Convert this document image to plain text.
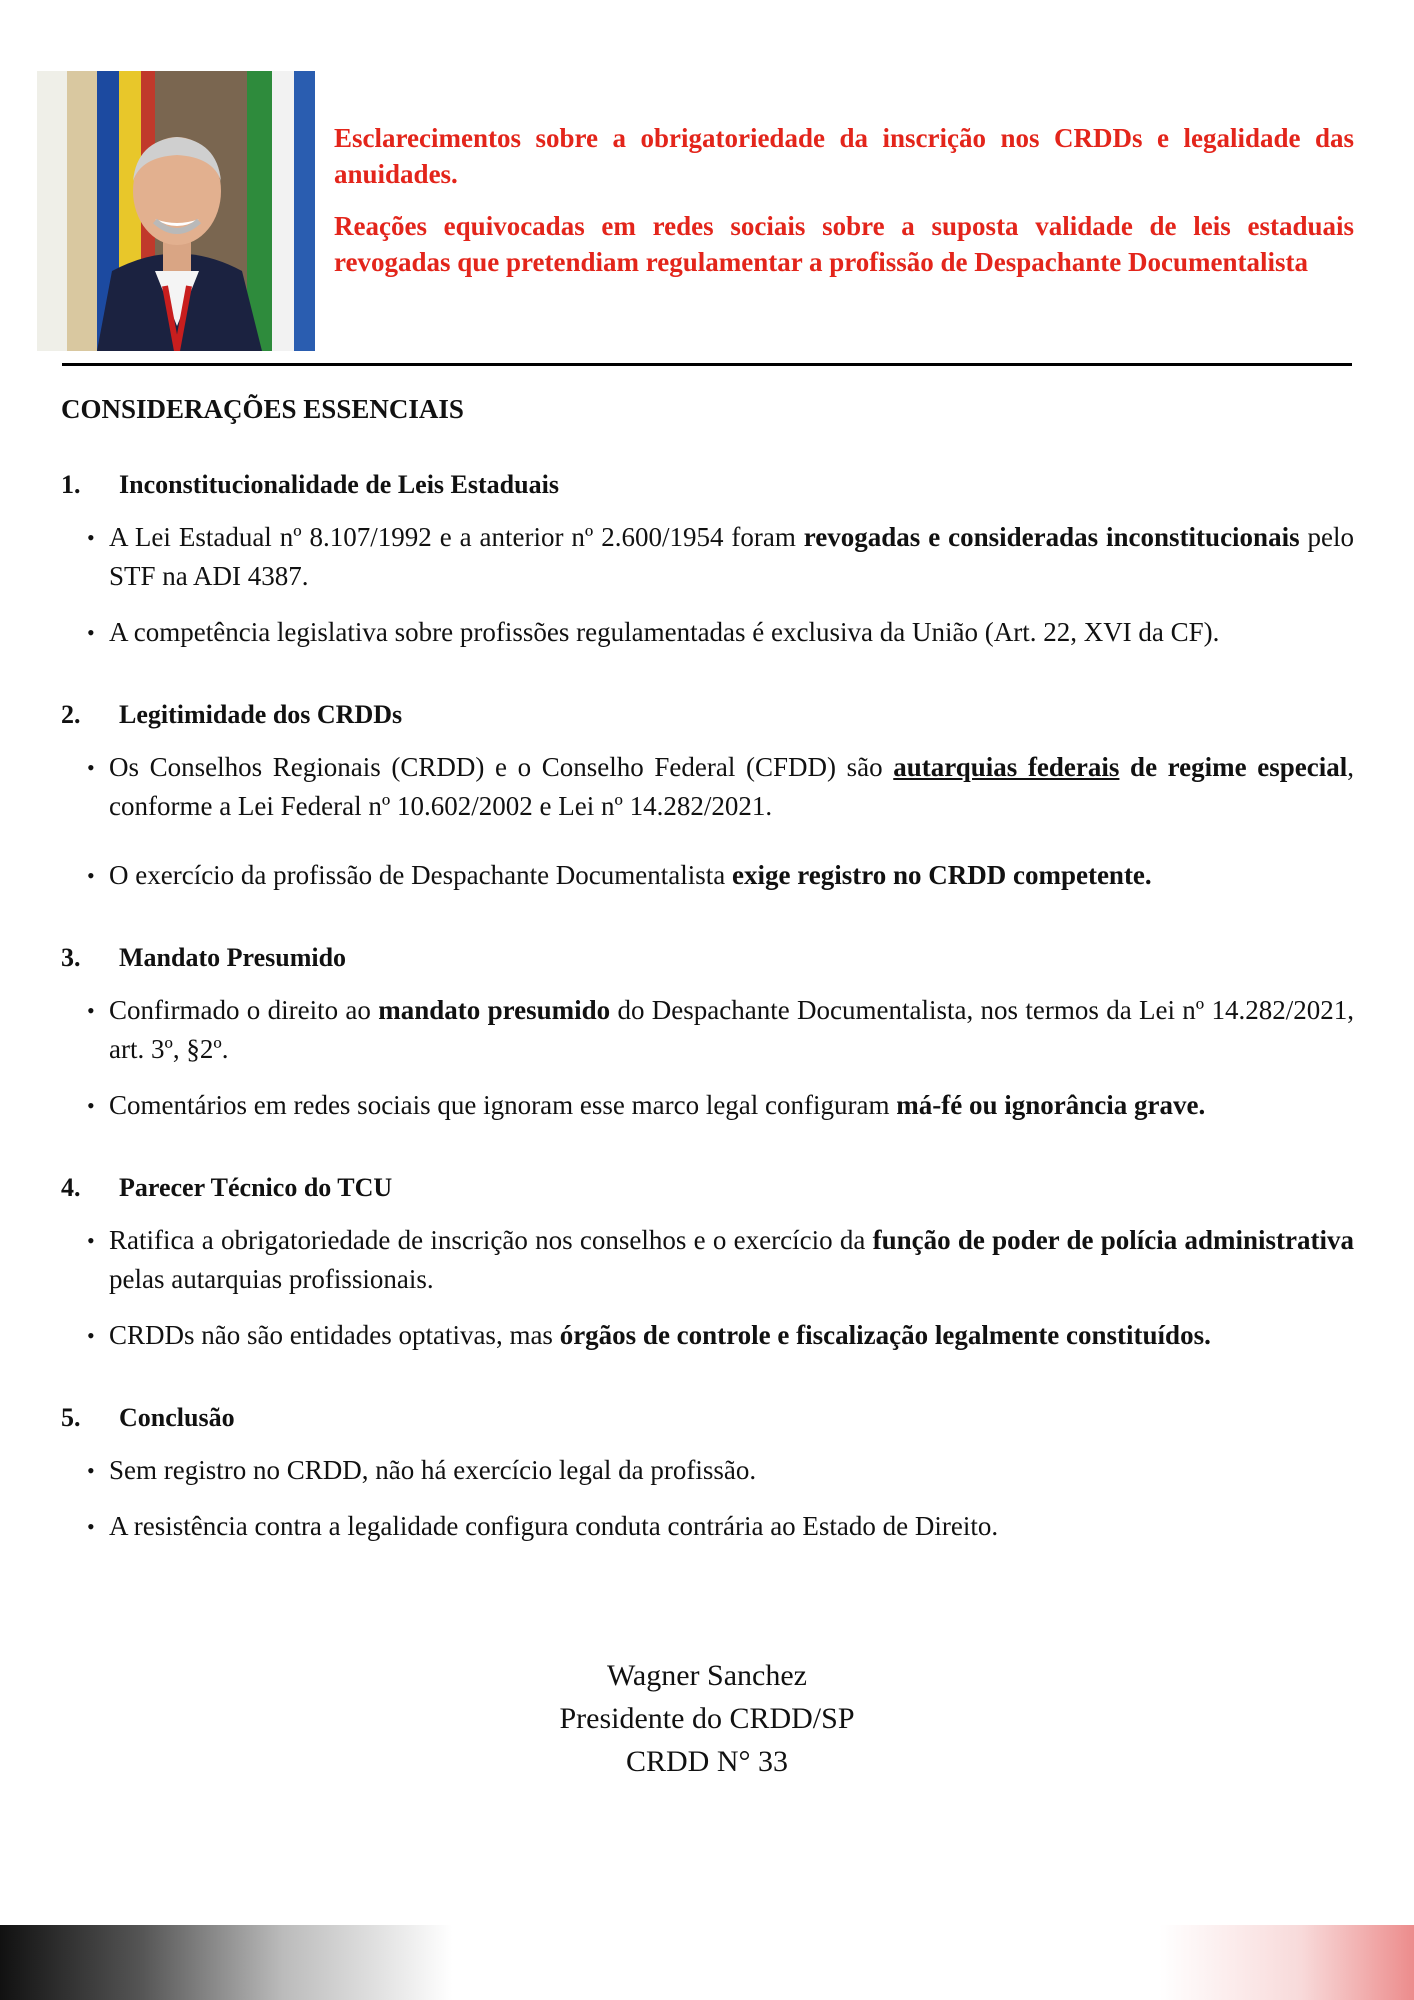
Esclarecimentos sobre a obrigatoriedade da inscrição nos CRDDs e legalidade das anuidades.

Reações equivocadas em redes sociais sobre a suposta validade de leis estaduais revogadas que pretendiam regulamentar a profissão de Despachante Documentalista

CONSIDERAÇÕES ESSENCIAIS
1.	Inconstitucionalidade de Leis Estaduais
• A Lei Estadual nº 8.107/1992 e a anterior nº 2.600/1954 foram revogadas e consideradas inconstitucionais pelo STF na ADI 4387.
• A competência legislativa sobre profissões regulamentadas é exclusiva da União (Art. 22, XVI da CF).
2.	Legitimidade dos CRDDs
• Os Conselhos Regionais (CRDD) e o Conselho Federal (CFDD) são autarquias federais de regime especial, conforme a Lei Federal nº 10.602/2002 e Lei nº 14.282/2021.
• O exercício da profissão de Despachante Documentalista exige registro no CRDD competente.
3.	Mandato Presumido
• Confirmado o direito ao mandato presumido do Despachante Documentalista, nos termos da Lei nº 14.282/2021, art. 3º, §2º.
• Comentários em redes sociais que ignoram esse marco legal configuram má-fé ou ignorância grave.
4.	Parecer Técnico do TCU
• Ratifica a obrigatoriedade de inscrição nos conselhos e o exercício da função de poder de polícia administrativa pelas autarquias profissionais.
• CRDDs não são entidades optativas, mas órgãos de controle e fiscalização legalmente constituídos.
5.	Conclusão
• Sem registro no CRDD, não há exercício legal da profissão.
• A resistência contra a legalidade configura conduta contrária ao Estado de Direito.
Wagner Sanchez
Presidente do CRDD/SP
CRDD N° 33
